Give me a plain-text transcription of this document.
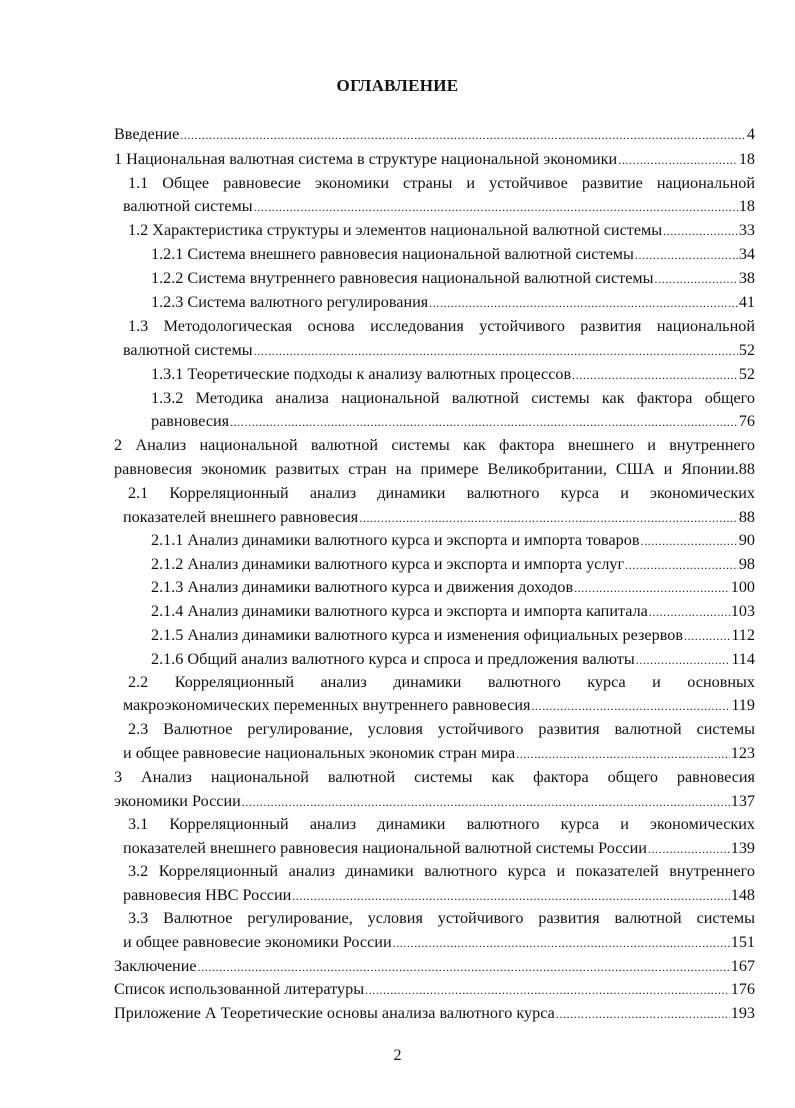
ОГЛАВЛЕНИЕ
Введение .....	4
1 Национальная валютная система в структуре национальной экономики .....	18
1.1 Общее равновесие экономики страны и устойчивое развитие национальной
валютной системы .....	18
1.2 Характеристика структуры и элементов национальной валютной системы .....	33
1.2.1 Система внешнего равновесия национальной валютной системы .....	34
1.2.2 Система внутреннего равновесия национальной валютной системы .....	38
1.2.3 Система валютного регулирования .....	41
1.3 Методологическая основа исследования устойчивого развития национальной
валютной системы .....	52
1.3.1 Теоретические подходы к анализу валютных процессов .....	52
1.3.2 Методика анализа национальной валютной системы как фактора общего
равновесия .....	76
2 Анализ национальной валютной системы как фактора внешнего и внутреннего
равновесия экономик развитых стран на примере Великобритании, США и Японии.88
2.1 Корреляционный анализ динамики валютного курса и экономических
показателей внешнего равновесия .....	88
2.1.1 Анализ динамики валютного курса и экспорта и импорта товаров .....	90
2.1.2 Анализ динамики валютного курса и экспорта и импорта услуг .....	98
2.1.3 Анализ динамики валютного курса и движения доходов .....	100
2.1.4 Анализ динамики валютного курса и экспорта и импорта капитала .....	103
2.1.5 Анализ динамики валютного курса и изменения официальных резервов .....	112
2.1.6 Общий анализ валютного курса и спроса и предложения валюты .....	114
2.2 Корреляционный анализ динамики валютного курса и основных
макроэкономических переменных внутреннего равновесия .....	119
2.3 Валютное регулирование, условия устойчивого развития валютной системы
и общее равновесие национальных экономик стран мира .....	123
3 Анализ национальной валютной системы как фактора общего равновесия
экономики России .....	137
3.1 Корреляционный анализ динамики валютного курса и экономических
показателей внешнего равновесия национальной валютной системы России .....	139
3.2 Корреляционный анализ динамики валютного курса и показателей внутреннего
равновесия НВС России .....	148
3.3 Валютное регулирование, условия устойчивого развития валютной системы
и общее равновесие экономики России .....	151
Заключение .....	167
Список использованной литературы .....	176
Приложение А Теоретические основы анализа валютного курса .....	193
2
